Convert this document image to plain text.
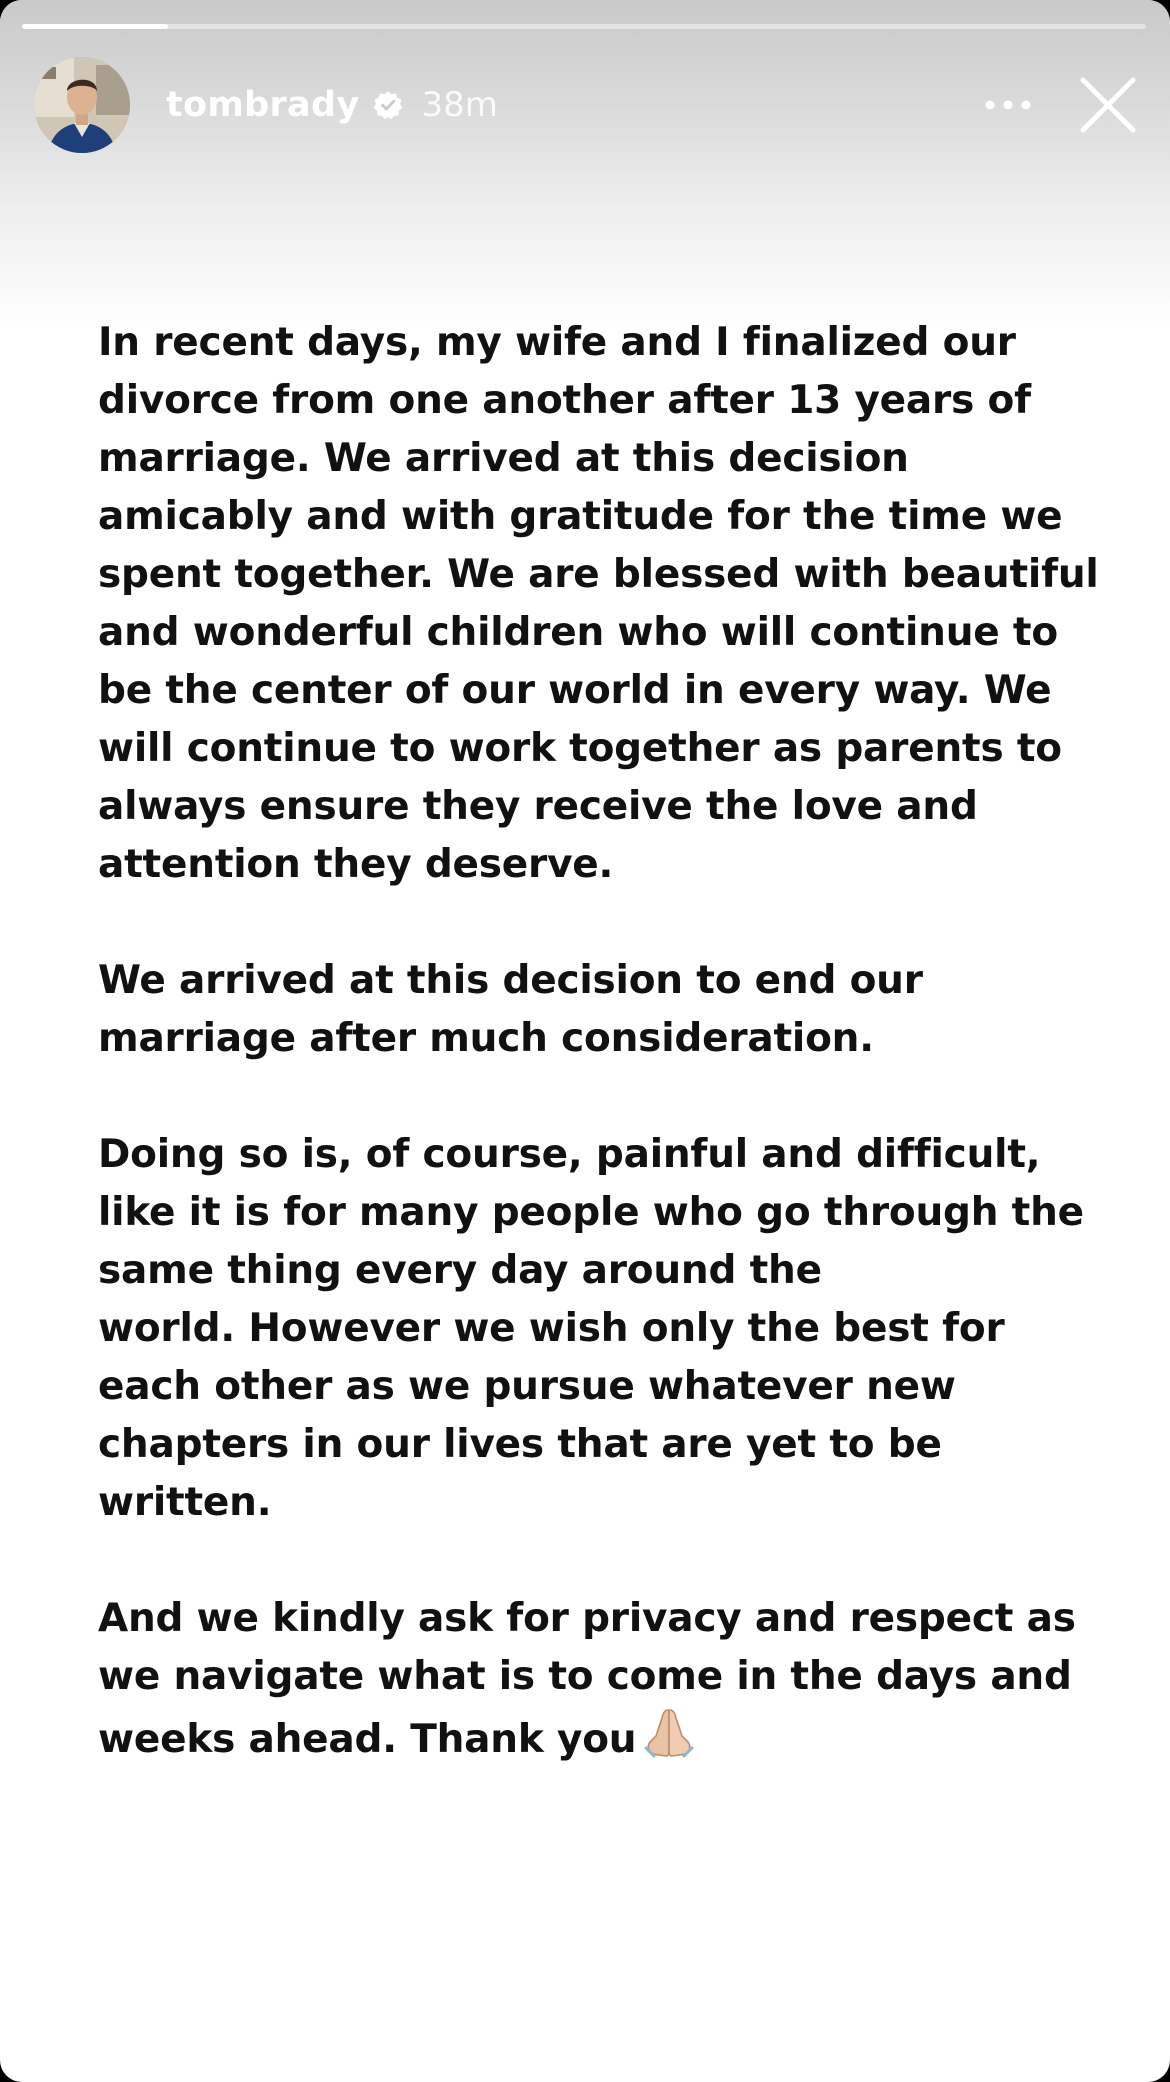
tombrady 38m

In recent days, my wife and I finalized our
divorce from one another after 13 years of
marriage. We arrived at this decision
amicably and with gratitude for the time we
spent together. We are blessed with beautiful
and wonderful children who will continue to
be the center of our world in every way. We
will continue to work together as parents to
always ensure they receive the love and
attention they deserve.

We arrived at this decision to end our
marriage after much consideration.

Doing so is, of course, painful and difficult,
like it is for many people who go through the
same thing every day around the
world. However we wish only the best for
each other as we pursue whatever new
chapters in our lives that are yet to be
written.

And we kindly ask for privacy and respect as
we navigate what is to come in the days and
weeks ahead. Thank you
